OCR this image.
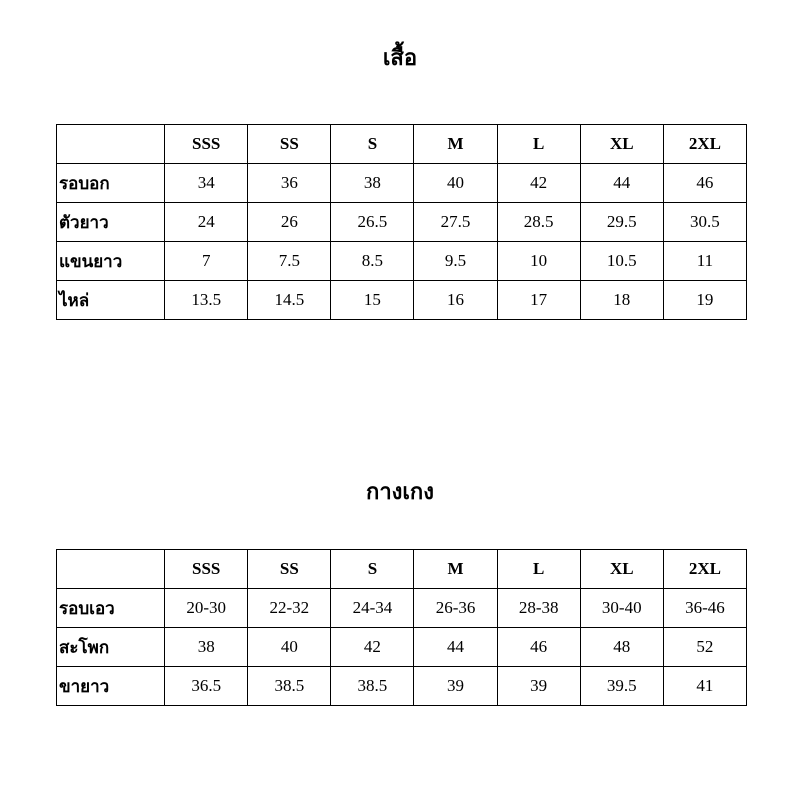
เสื้อ
	SSS	SS	S	M	L	XL	2XL
รอบอก	34	36	38	40	42	44	46
ตัวยาว	24	26	26.5	27.5	28.5	29.5	30.5
แขนยาว	7	7.5	8.5	9.5	10	10.5	11
ไหล่	13.5	14.5	15	16	17	18	19
กางเกง
	SSS	SS	S	M	L	XL	2XL
รอบเอว	20-30	22-32	24-34	26-36	28-38	30-40	36-46
สะโพก	38	40	42	44	46	48	52
ขายาว	36.5	38.5	38.5	39	39	39.5	41
